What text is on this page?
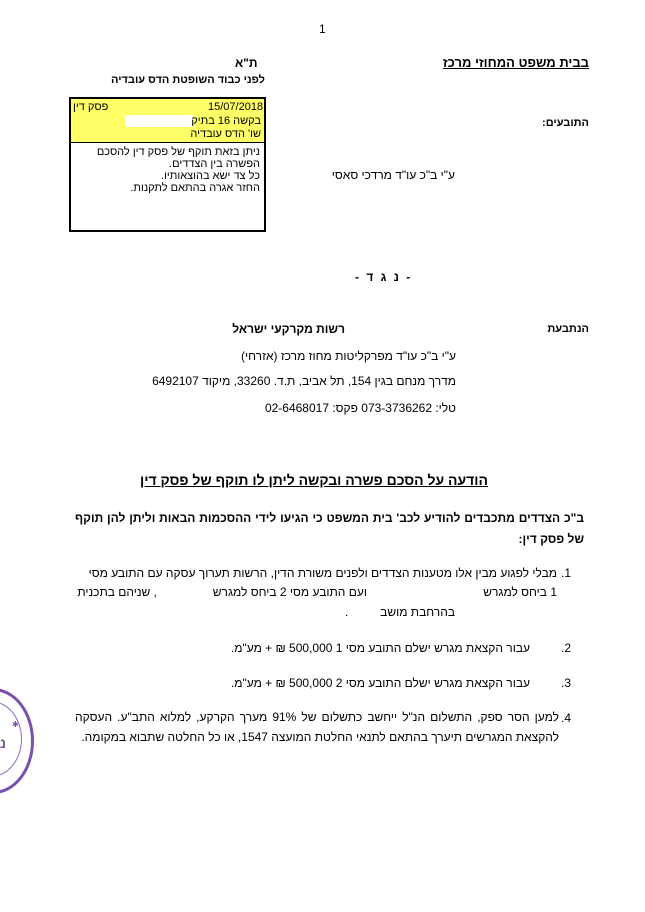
1
בבית משפט המחוזי מרכז
ת"א
לפני כבוד השופטת הדס עובדיה
פסק דין	15/07/2018
בקשה 16 בתיק
שו' הדס עובדיה
ניתן בזאת תוקף של פסק דין להסכם הפשרה בין הצדדים.
כל צד ישא בהוצאותיו.
החזר אגרה בהתאם לתקנות.
התובעים:
ע"י ב"כ עו"ד מרדכי סאסי
- נ ג ד -
הנתבעת
רשות מקרקעי ישראל
ע"י ב"כ עו"ד מפרקליטות מחוז מרכז (אזרחי)
מדרך מנחם בגין 154, תל אביב, ת.ד. 33260, מיקוד 6492107
טלי: 073-3736262 פקס: 02-6468017
הודעה על הסכם פשרה ובקשה ליתן לו תוקף של פסק דין
ב"כ הצדדים מתכבדים להודיע לכב' בית המשפט כי הגיעו לידי ההסכמות הבאות וליתן להן תוקף של פסק דין:
.1
מבלי לפגוע מבין אלו מטענות הצדדים ולפנים משורת הדין, הרשות תערוך עסקה עם התובע מסי
1 ביחס למגרש
ועם התובע מסי 2 ביחס למגרש
, שניהם בתכנית
בהרחבת מושב
.
.2
עבור הקצאת מגרש ישלם התובע מסי 1 500,000 ₪ + מע"מ.
.3
עבור הקצאת מגרש ישלם התובע מסי 2 500,000 ₪ + מע"מ.
.4
למען הסר ספק, התשלום הנ"ל ייחשב כתשלום של 91% מערך הקרקע, למלוא התב"ע. העסקה להקצאת המגרשים תיערך בהתאם לתנאי החלטת המועצה 1547, או כל החלטה שתבוא במקומה.
✱
נ
